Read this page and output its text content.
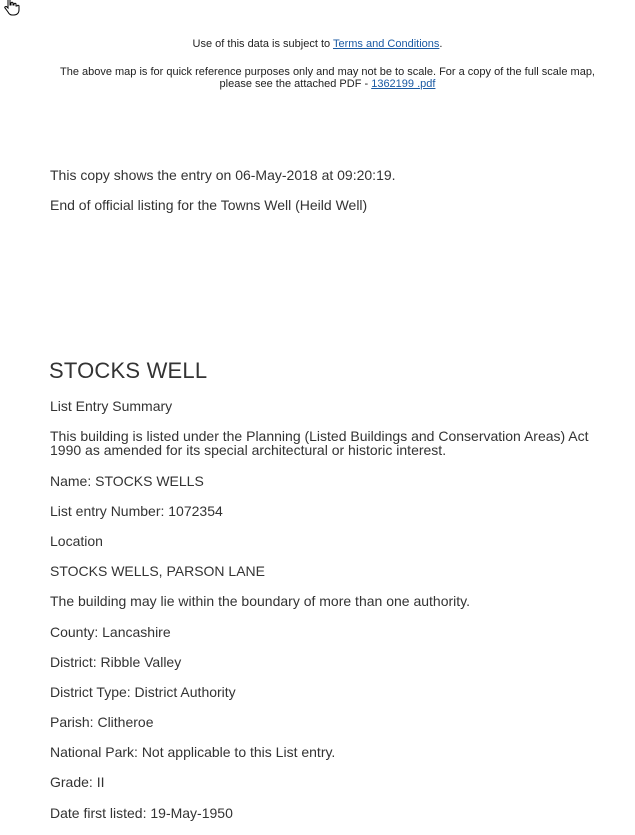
Use of this data is subject to Terms and Conditions.
The above map is for quick reference purposes only and may not be to scale. For a copy of the full scale map, please see the attached PDF - 1362199 .pdf
This copy shows the entry on 06-May-2018 at 09:20:19.
End of official listing for the Towns Well (Heild Well)
STOCKS WELL
List Entry Summary
This building is listed under the Planning (Listed Buildings and Conservation Areas) Act 1990 as amended for its special architectural or historic interest.
Name: STOCKS WELLS
List entry Number: 1072354
Location
STOCKS WELLS, PARSON LANE
The building may lie within the boundary of more than one authority.
County: Lancashire
District: Ribble Valley
District Type: District Authority
Parish: Clitheroe
National Park: Not applicable to this List entry.
Grade: II
Date first listed: 19-May-1950
